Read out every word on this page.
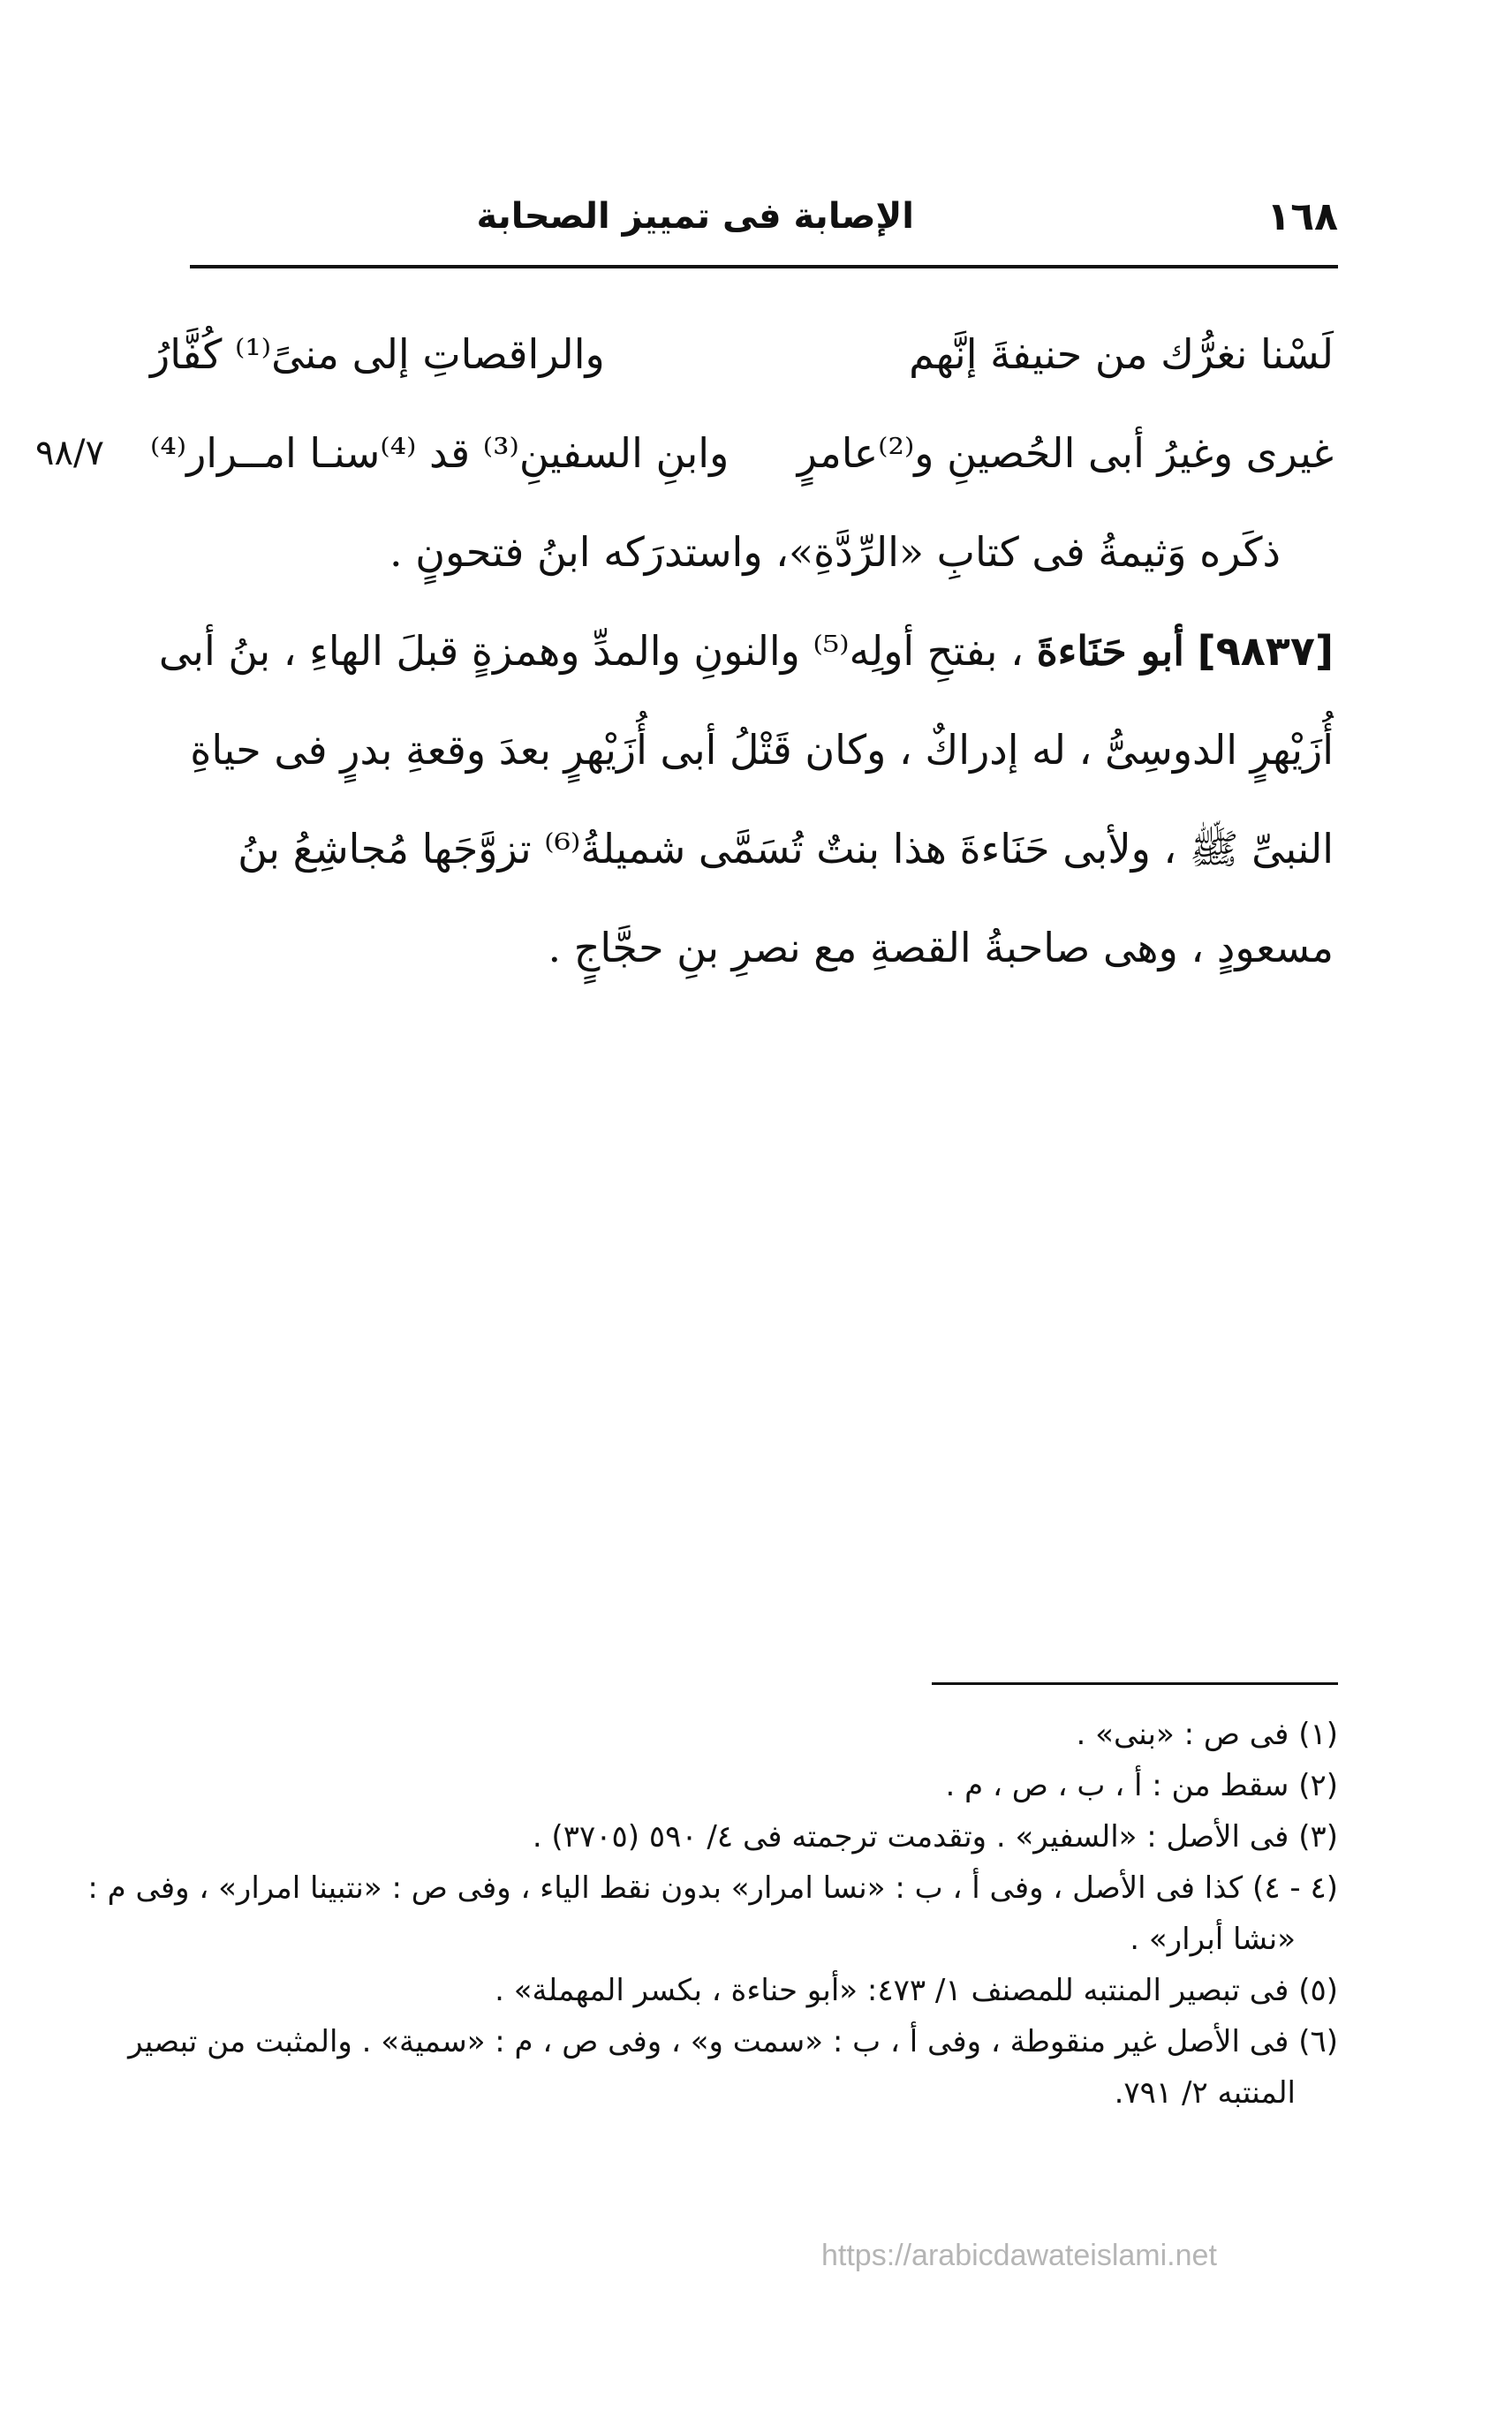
١٦٨
الإصابة فى تمييز الصحابة
لَسْنا نغرُّك من حنيفةَ إنَّهم
والراقصاتِ إلى منىً⁽¹⁾ كُفَّارُ
غيرى وغيرُ أبى الحُصينِ و⁽²⁾عامرٍ
وابنِ السفينِ⁽³⁾ قد ⁽⁴⁾سنـا امــرار⁽⁴⁾
٩٨/٧
ذكَره وَثيمةُ فى كتابِ «الرِّدَّةِ»، واستدرَكه ابنُ فتحونٍ .
[٩٨٣٧] أبو حَنَاءةَ ، بفتحِ أولِه⁽⁵⁾ والنونِ والمدِّ وهمزةٍ قبلَ الهاءِ ، بنُ أبى
أُزَيْهرٍ الدوسِىُّ ، له إدراكٌ ، وكان قَتْلُ أبى أُزَيْهرٍ بعدَ وقعةِ بدرٍ فى حياةِ
النبىِّ ﷺ ، ولأبى حَنَاءةَ هذا بنتٌ تُسَمَّى شميلةُ⁽⁶⁾ تزوَّجَها مُجاشِعُ بنُ
مسعودٍ ، وهى صاحبةُ القصةِ مع نصرِ بنِ حجَّاجٍ .
(١) فى ص : «بنى» .
(٢) سقط من : أ ، ب ، ص ، م .
(٣) فى الأصل : «السفير» . وتقدمت ترجمته فى ٤/ ٥٩٠ (٣٧٠٥) .
(٤ - ٤) كذا فى الأصل ، وفى أ ، ب : «نسا امرار» بدون نقط الياء ، وفى ص : «نتبينا امرار» ، وفى م :
«نشا أبرار» .
(٥) فى تبصير المنتبه للمصنف ١/ ٤٧٣: «أبو حناءة ، بكسر المهملة» .
(٦) فى الأصل غير منقوطة ، وفى أ ، ب : «سمت و» ، وفى ص ، م : «سمية» . والمثبت من تبصير
المنتبه ٢/ ٧٩١.
https://arabicdawateislami.net
